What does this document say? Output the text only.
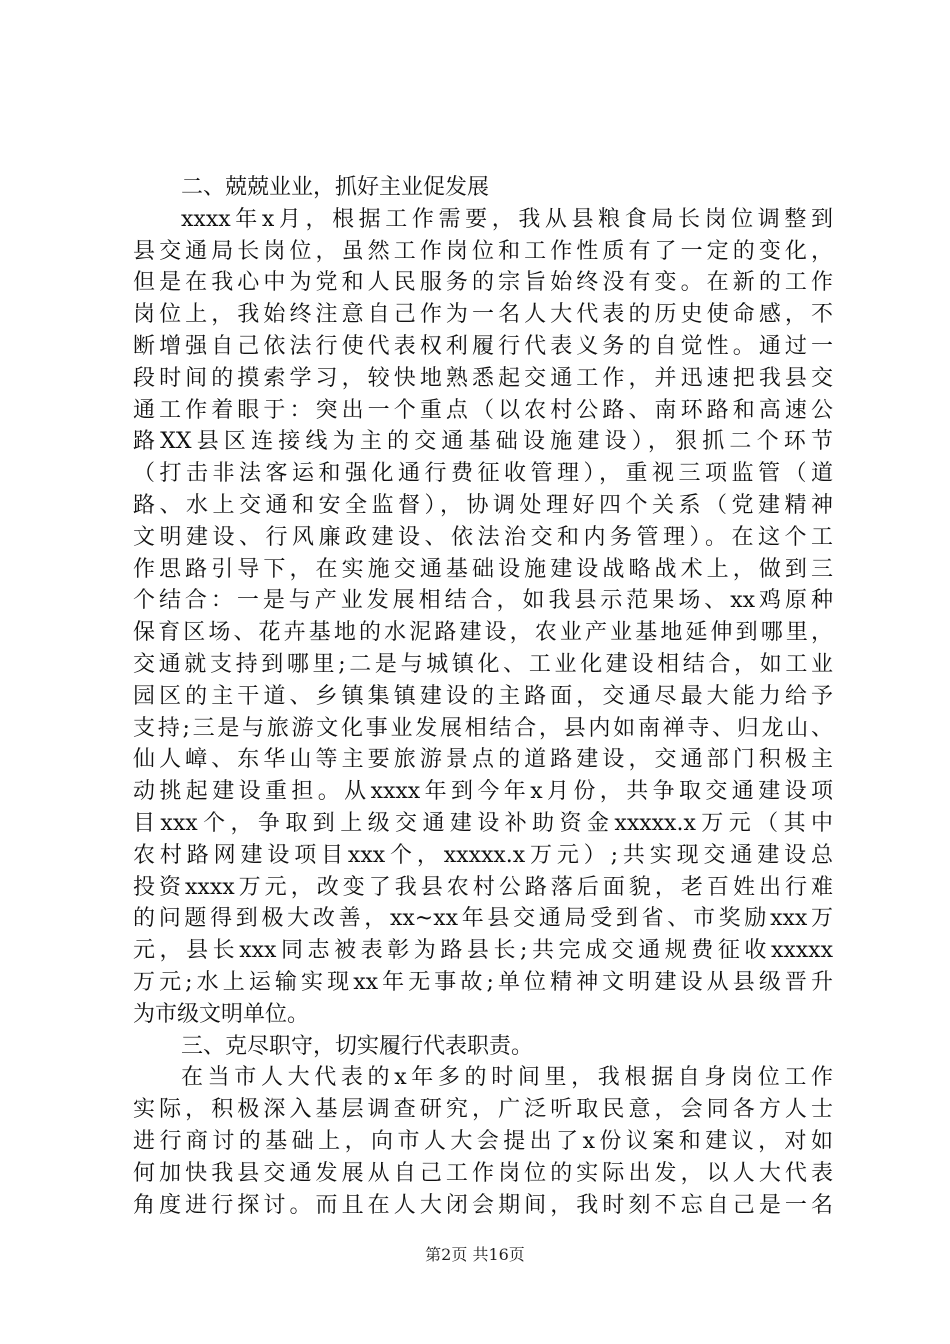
二、兢兢业业，抓好主业促发展
xxxx年x月，根据工作需要，我从县粮食局长岗位调整到
县交通局长岗位，虽然工作岗位和工作性质有了一定的变化，
但是在我心中为党和人民服务的宗旨始终没有变。在新的工作
岗位上，我始终注意自己作为一名人大代表的历史使命感，不
断增强自己依法行使代表权利履行代表义务的自觉性。通过一
段时间的摸索学习，较快地熟悉起交通工作，并迅速把我县交
通工作着眼于：突出一个重点（以农村公路、南环路和高速公
路XX县区连接线为主的交通基础设施建设），狠抓二个环节
（打击非法客运和强化通行费征收管理），重视三项监管（道
路、水上交通和安全监督），协调处理好四个关系（党建精神
文明建设、行风廉政建设、依法治交和内务管理）。在这个工
作思路引导下，在实施交通基础设施建设战略战术上，做到三
个结合：一是与产业发展相结合，如我县示范果场、xx鸡原种
保育区场、花卉基地的水泥路建设，农业产业基地延伸到哪里，
交通就支持到哪里;二是与城镇化、工业化建设相结合，如工业
园区的主干道、乡镇集镇建设的主路面，交通尽最大能力给予
支持;三是与旅游文化事业发展相结合，县内如南禅寺、归龙山、
仙人嶂、东华山等主要旅游景点的道路建设，交通部门积极主
动挑起建设重担。从xxxx年到今年x月份，共争取交通建设项
目xxx个，争取到上级交通建设补助资金xxxxx.x万元（其中
农村路网建设项目xxx个，xxxxx.x万元）;共实现交通建设总
投资xxxx万元，改变了我县农村公路落后面貌，老百姓出行难
的问题得到极大改善，xx~xx年县交通局受到省、市奖励xxx万
元，县长xxx同志被表彰为路县长;共完成交通规费征收xxxxx
万元;水上运输实现xx年无事故;单位精神文明建设从县级晋升
为市级文明单位。
三、克尽职守，切实履行代表职责。
在当市人大代表的x年多的时间里，我根据自身岗位工作
实际，积极深入基层调查研究，广泛听取民意，会同各方人士
进行商讨的基础上，向市人大会提出了x份议案和建议，对如
何加快我县交通发展从自己工作岗位的实际出发，以人大代表
角度进行探讨。而且在人大闭会期间，我时刻不忘自己是一名
第2页 共16页
